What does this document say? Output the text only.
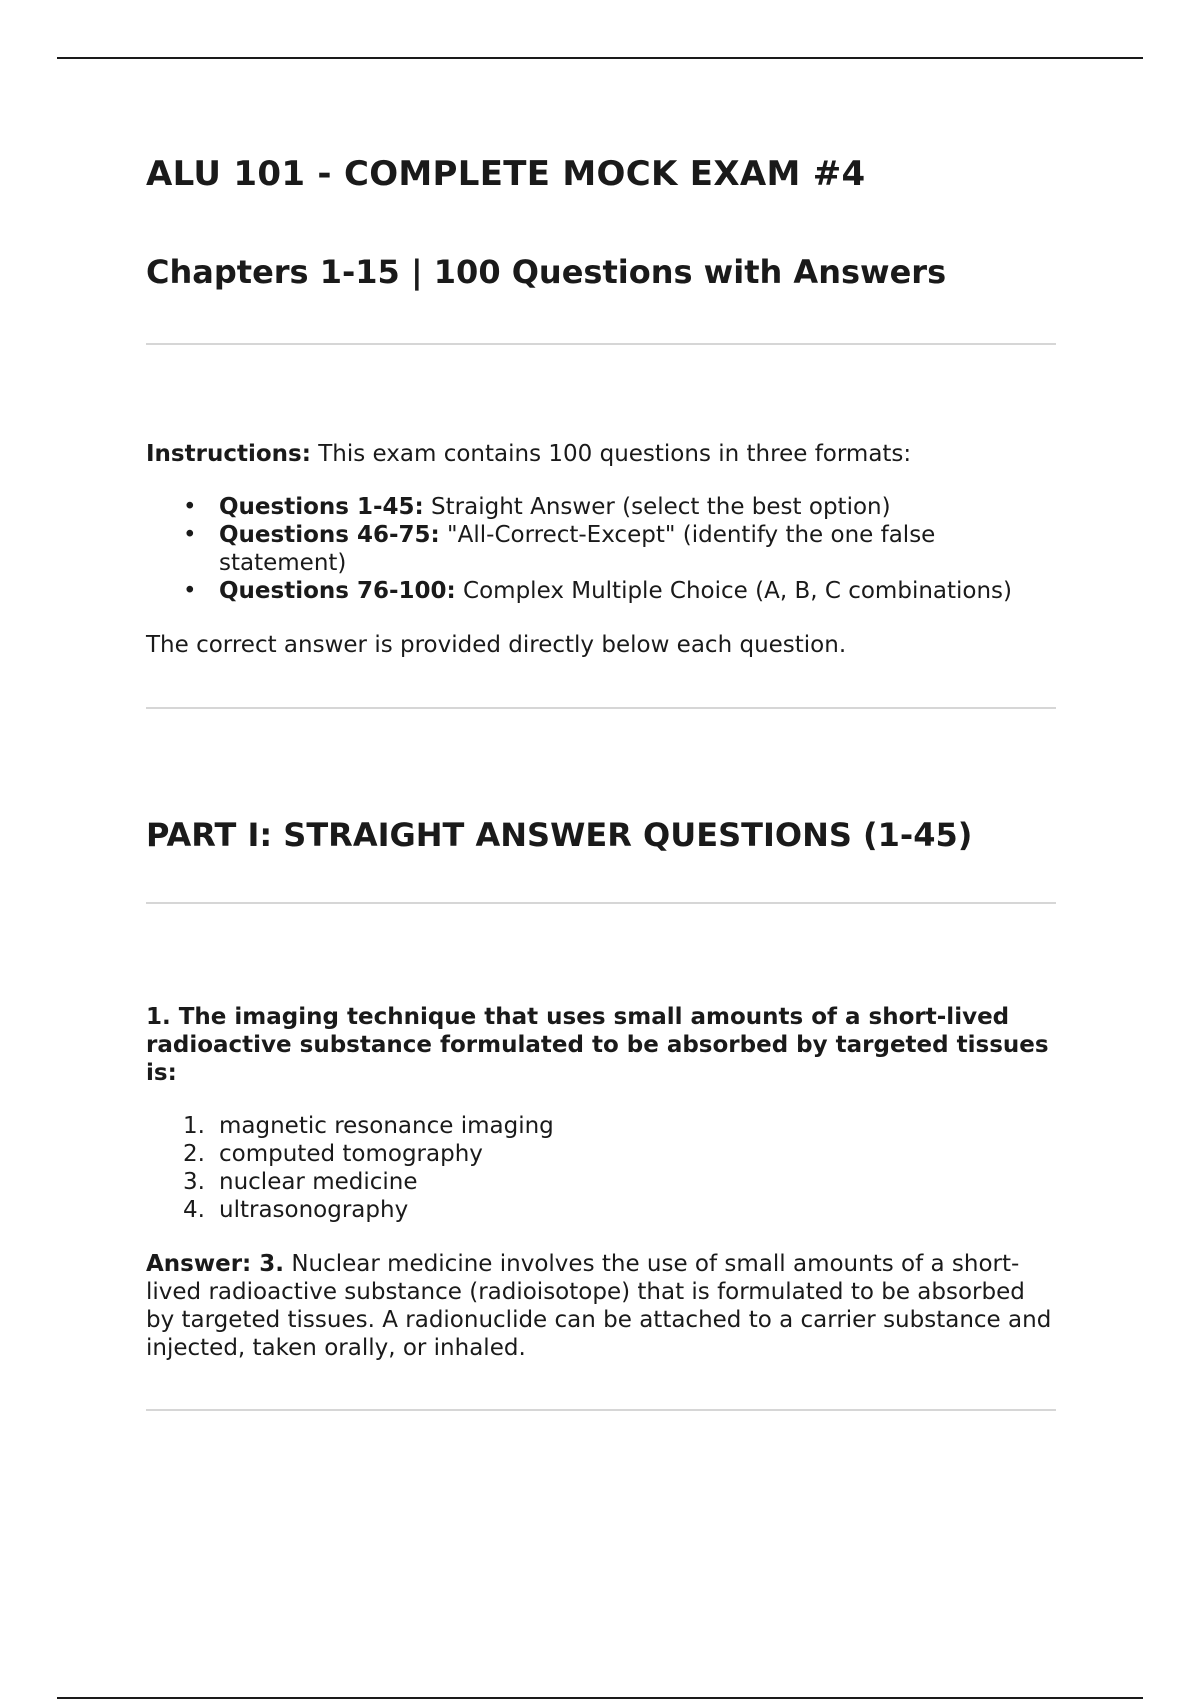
ALU 101 - COMPLETE MOCK EXAM #4
Chapters 1-15 | 100 Questions with Answers

Instructions: This exam contains 100 questions in three formats:

• Questions 1-45: Straight Answer (select the best option)
• Questions 46-75: "All-Correct-Except" (identify the one false statement)
• Questions 76-100: Complex Multiple Choice (A, B, C combinations)

The correct answer is provided directly below each question.

PART I: STRAIGHT ANSWER QUESTIONS (1-45)

1. The imaging technique that uses small amounts of a short-lived radioactive substance formulated to be absorbed by targeted tissues is:

1. magnetic resonance imaging
2. computed tomography
3. nuclear medicine
4. ultrasonography

Answer: 3. Nuclear medicine involves the use of small amounts of a short-lived radioactive substance (radioisotope) that is formulated to be absorbed by targeted tissues. A radionuclide can be attached to a carrier substance and injected, taken orally, or inhaled.
